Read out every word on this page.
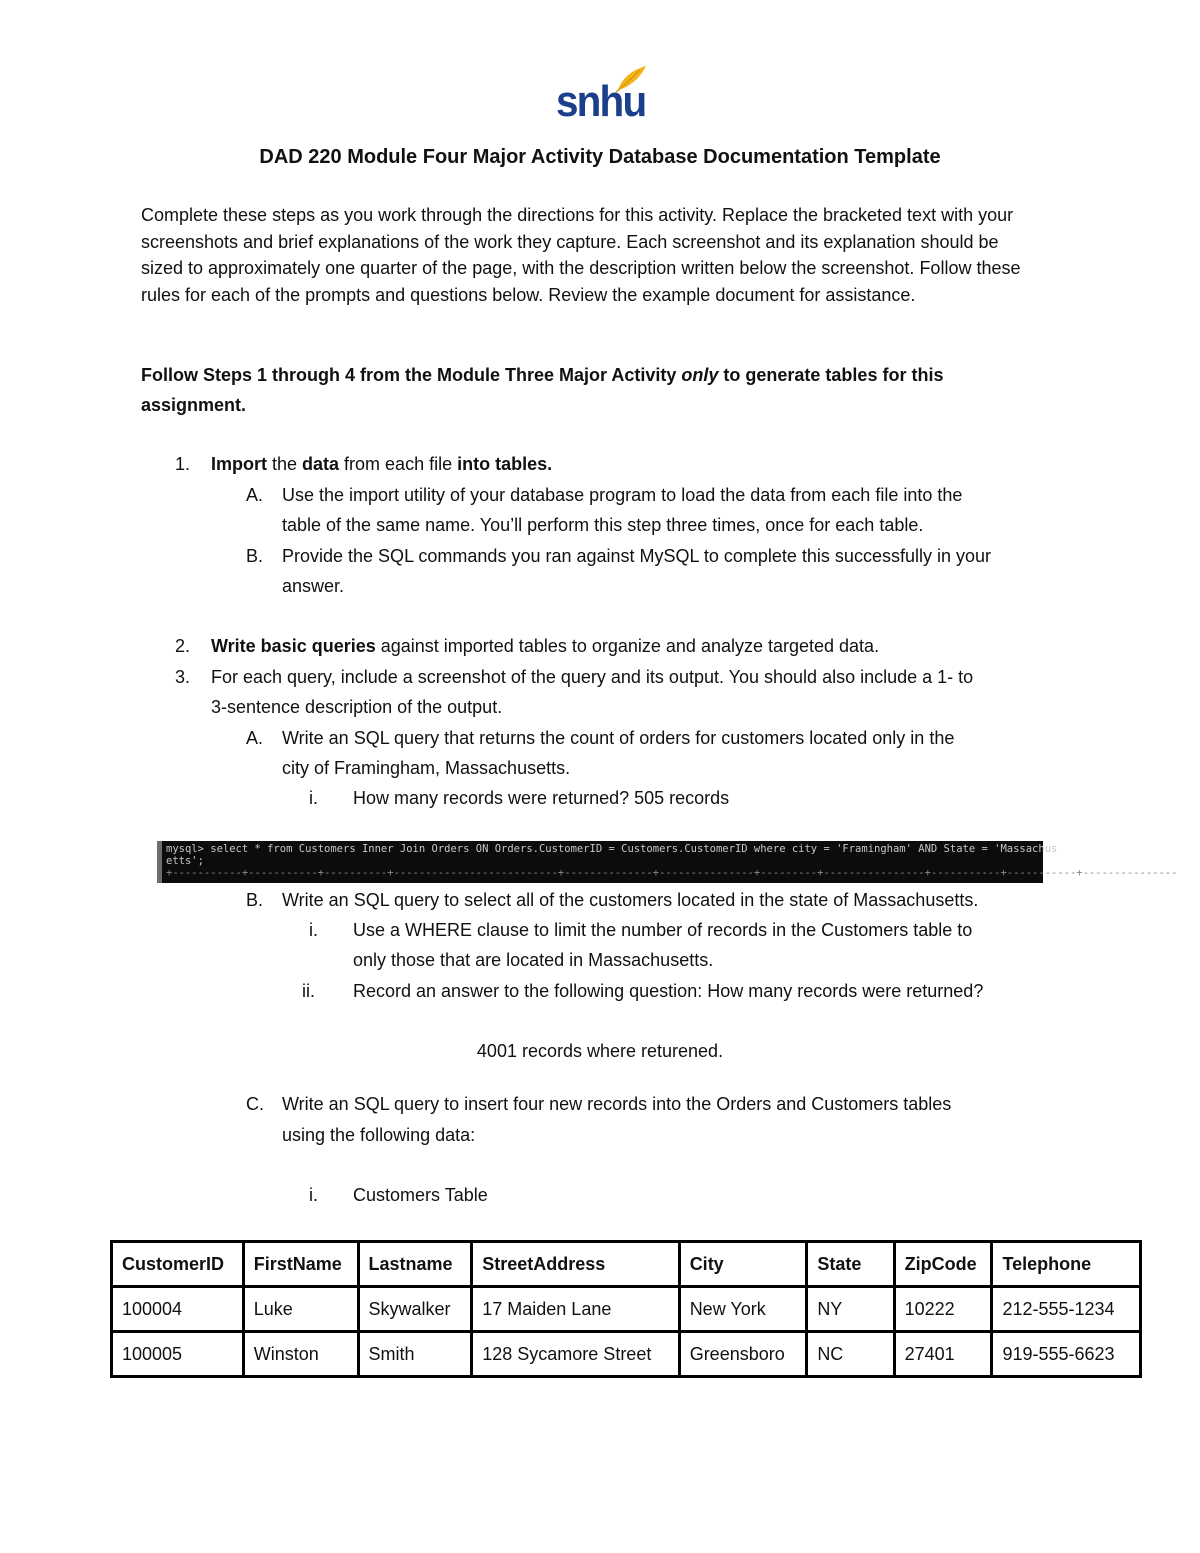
snhu
DAD 220 Module Four Major Activity Database Documentation Template
Complete these steps as you work through the directions for this activity. Replace the bracketed text with your screenshots and brief explanations of the work they capture. Each screenshot and its explanation should be sized to approximately one quarter of the page, with the description written below the screenshot. Follow these rules for each of the prompts and questions below. Review the example document for assistance.
Follow Steps 1 through 4 from the Module Three Major Activity only to generate tables for this assignment.
1. Import the data from each file into tables.
A. Use the import utility of your database program to load the data from each file into the
table of the same name. You’ll perform this step three times, once for each table.
B. Provide the SQL commands you ran against MySQL to complete this successfully in your
answer.
2. Write basic queries against imported tables to organize and analyze targeted data.
3. For each query, include a screenshot of the query and its output. You should also include a 1- to
3-sentence description of the output.
A. Write an SQL query that returns the count of orders for customers located only in the
city of Framingham, Massachusetts.
i. How many records were returned? 505 records
mysql> select * from Customers Inner Join Orders ON Orders.CustomerID = Customers.CustomerID where city = 'Framingham' AND State = 'Massachus
etts';
+-----------+-----------+----------+--------------------------+--------------+---------------+---------+----------------+-----------+-----------+---------------
B. Write an SQL query to select all of the customers located in the state of Massachusetts.
i. Use a WHERE clause to limit the number of records in the Customers table to
only those that are located in Massachusetts.
ii. Record an answer to the following question: How many records were returned?
4001 records where returened.
C. Write an SQL query to insert four new records into the Orders and Customers tables
using the following data:
i. Customers Table
CustomerID	FirstName	Lastname	StreetAddress	City	State	ZipCode	Telephone
100004	Luke	Skywalker	17 Maiden Lane	New York	NY	10222	212-555-1234
100005	Winston	Smith	128 Sycamore Street	Greensboro	NC	27401	919-555-6623
